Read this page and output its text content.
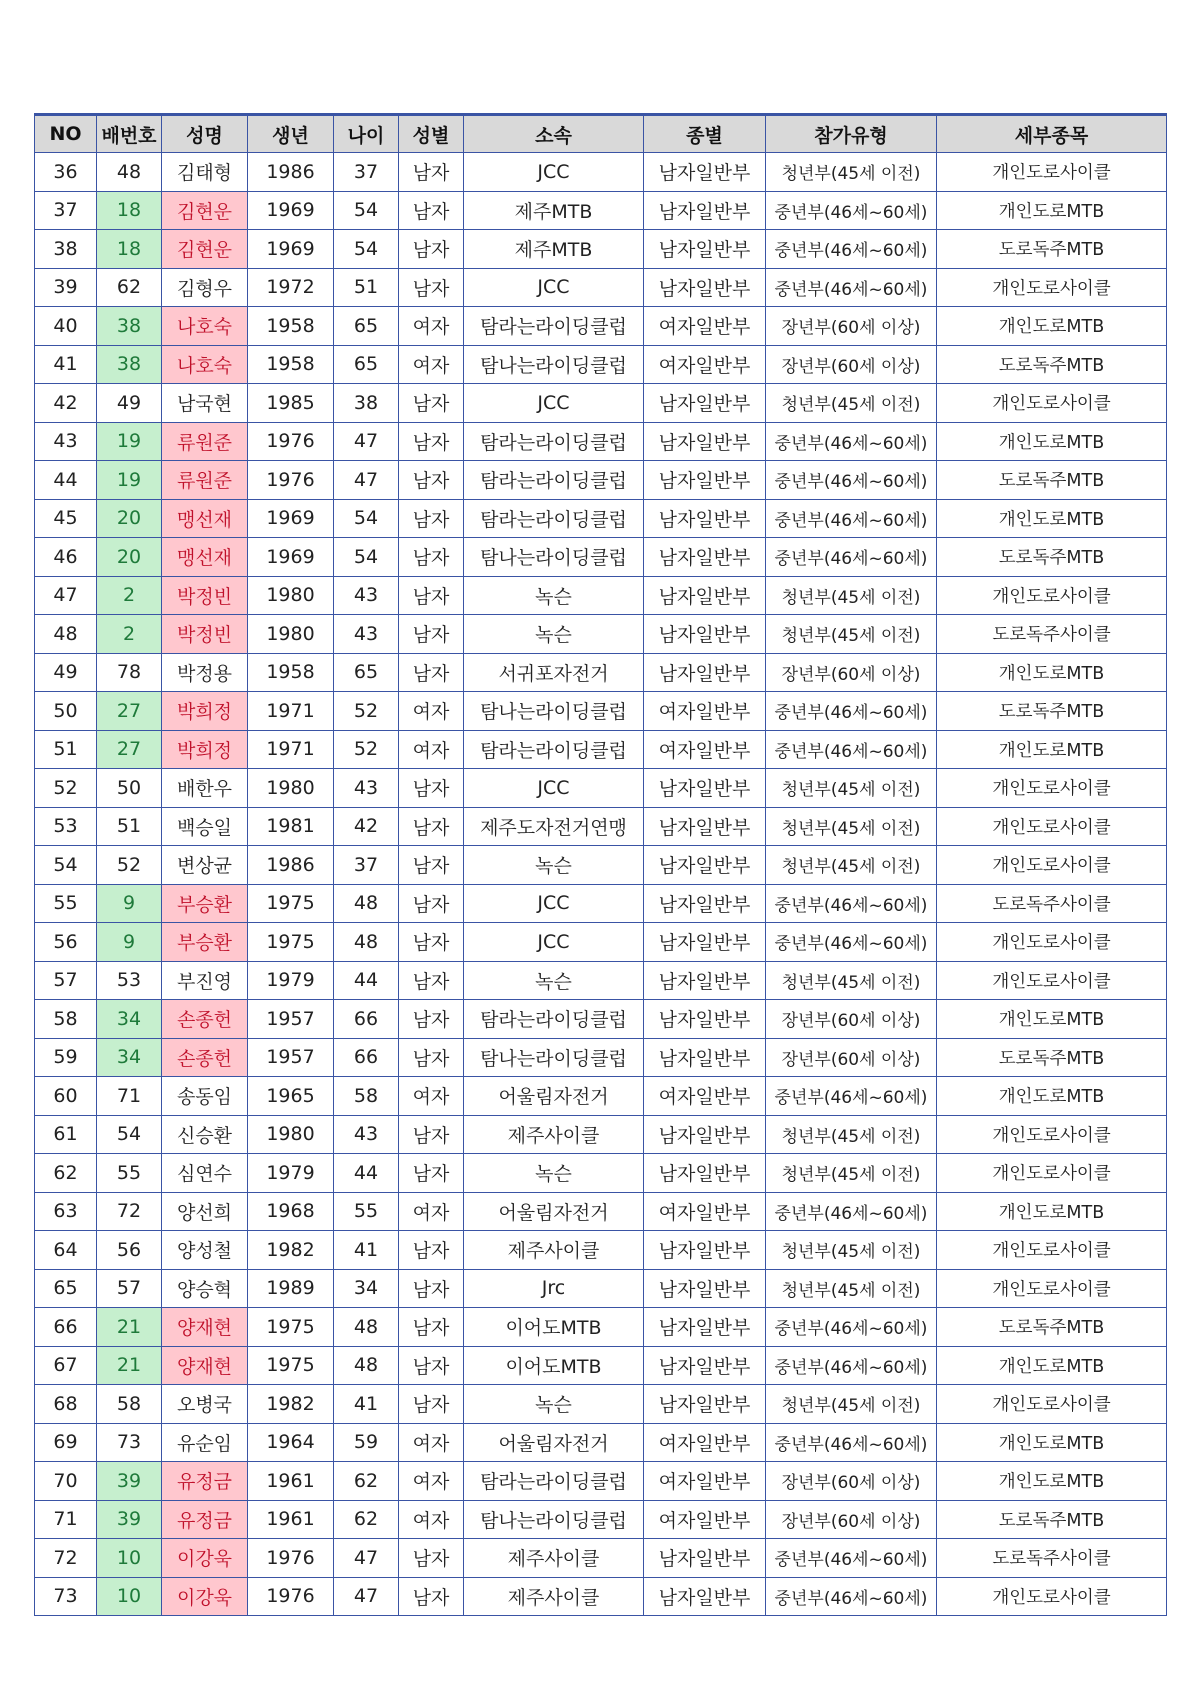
NO	배번호	성명	생년	나이	성별	소속	종별	참가유형	세부종목
36	48	김태형	1986	37	남자	JCC	남자일반부	청년부(45세 이전)	개인도로사이클
37	18	김현운	1969	54	남자	제주MTB	남자일반부	중년부(46세~60세)	개인도로MTB
38	18	김현운	1969	54	남자	제주MTB	남자일반부	중년부(46세~60세)	도로독주MTB
39	62	김형우	1972	51	남자	JCC	남자일반부	중년부(46세~60세)	개인도로사이클
40	38	나호숙	1958	65	여자	탐라는라이딩클럽	여자일반부	장년부(60세 이상)	개인도로MTB
41	38	나호숙	1958	65	여자	탐나는라이딩클럽	여자일반부	장년부(60세 이상)	도로독주MTB
42	49	남국현	1985	38	남자	JCC	남자일반부	청년부(45세 이전)	개인도로사이클
43	19	류원준	1976	47	남자	탐라는라이딩클럽	남자일반부	중년부(46세~60세)	개인도로MTB
44	19	류원준	1976	47	남자	탐라는라이딩클럽	남자일반부	중년부(46세~60세)	도로독주MTB
45	20	맹선재	1969	54	남자	탐라는라이딩클럽	남자일반부	중년부(46세~60세)	개인도로MTB
46	20	맹선재	1969	54	남자	탐나는라이딩클럽	남자일반부	중년부(46세~60세)	도로독주MTB
47	2	박정빈	1980	43	남자	녹슨	남자일반부	청년부(45세 이전)	개인도로사이클
48	2	박정빈	1980	43	남자	녹슨	남자일반부	청년부(45세 이전)	도로독주사이클
49	78	박정용	1958	65	남자	서귀포자전거	남자일반부	장년부(60세 이상)	개인도로MTB
50	27	박희정	1971	52	여자	탐나는라이딩클럽	여자일반부	중년부(46세~60세)	도로독주MTB
51	27	박희정	1971	52	여자	탐라는라이딩클럽	여자일반부	중년부(46세~60세)	개인도로MTB
52	50	배한우	1980	43	남자	JCC	남자일반부	청년부(45세 이전)	개인도로사이클
53	51	백승일	1981	42	남자	제주도자전거연맹	남자일반부	청년부(45세 이전)	개인도로사이클
54	52	변상균	1986	37	남자	녹슨	남자일반부	청년부(45세 이전)	개인도로사이클
55	9	부승환	1975	48	남자	JCC	남자일반부	중년부(46세~60세)	도로독주사이클
56	9	부승환	1975	48	남자	JCC	남자일반부	중년부(46세~60세)	개인도로사이클
57	53	부진영	1979	44	남자	녹슨	남자일반부	청년부(45세 이전)	개인도로사이클
58	34	손종헌	1957	66	남자	탐라는라이딩클럽	남자일반부	장년부(60세 이상)	개인도로MTB
59	34	손종헌	1957	66	남자	탐나는라이딩클럽	남자일반부	장년부(60세 이상)	도로독주MTB
60	71	송동임	1965	58	여자	어울림자전거	여자일반부	중년부(46세~60세)	개인도로MTB
61	54	신승환	1980	43	남자	제주사이클	남자일반부	청년부(45세 이전)	개인도로사이클
62	55	심연수	1979	44	남자	녹슨	남자일반부	청년부(45세 이전)	개인도로사이클
63	72	양선희	1968	55	여자	어울림자전거	여자일반부	중년부(46세~60세)	개인도로MTB
64	56	양성철	1982	41	남자	제주사이클	남자일반부	청년부(45세 이전)	개인도로사이클
65	57	양승혁	1989	34	남자	Jrc	남자일반부	청년부(45세 이전)	개인도로사이클
66	21	양재현	1975	48	남자	이어도MTB	남자일반부	중년부(46세~60세)	도로독주MTB
67	21	양재현	1975	48	남자	이어도MTB	남자일반부	중년부(46세~60세)	개인도로MTB
68	58	오병국	1982	41	남자	녹슨	남자일반부	청년부(45세 이전)	개인도로사이클
69	73	유순임	1964	59	여자	어울림자전거	여자일반부	중년부(46세~60세)	개인도로MTB
70	39	유정금	1961	62	여자	탐라는라이딩클럽	여자일반부	장년부(60세 이상)	개인도로MTB
71	39	유정금	1961	62	여자	탐나는라이딩클럽	여자일반부	장년부(60세 이상)	도로독주MTB
72	10	이강욱	1976	47	남자	제주사이클	남자일반부	중년부(46세~60세)	도로독주사이클
73	10	이강욱	1976	47	남자	제주사이클	남자일반부	중년부(46세~60세)	개인도로사이클
